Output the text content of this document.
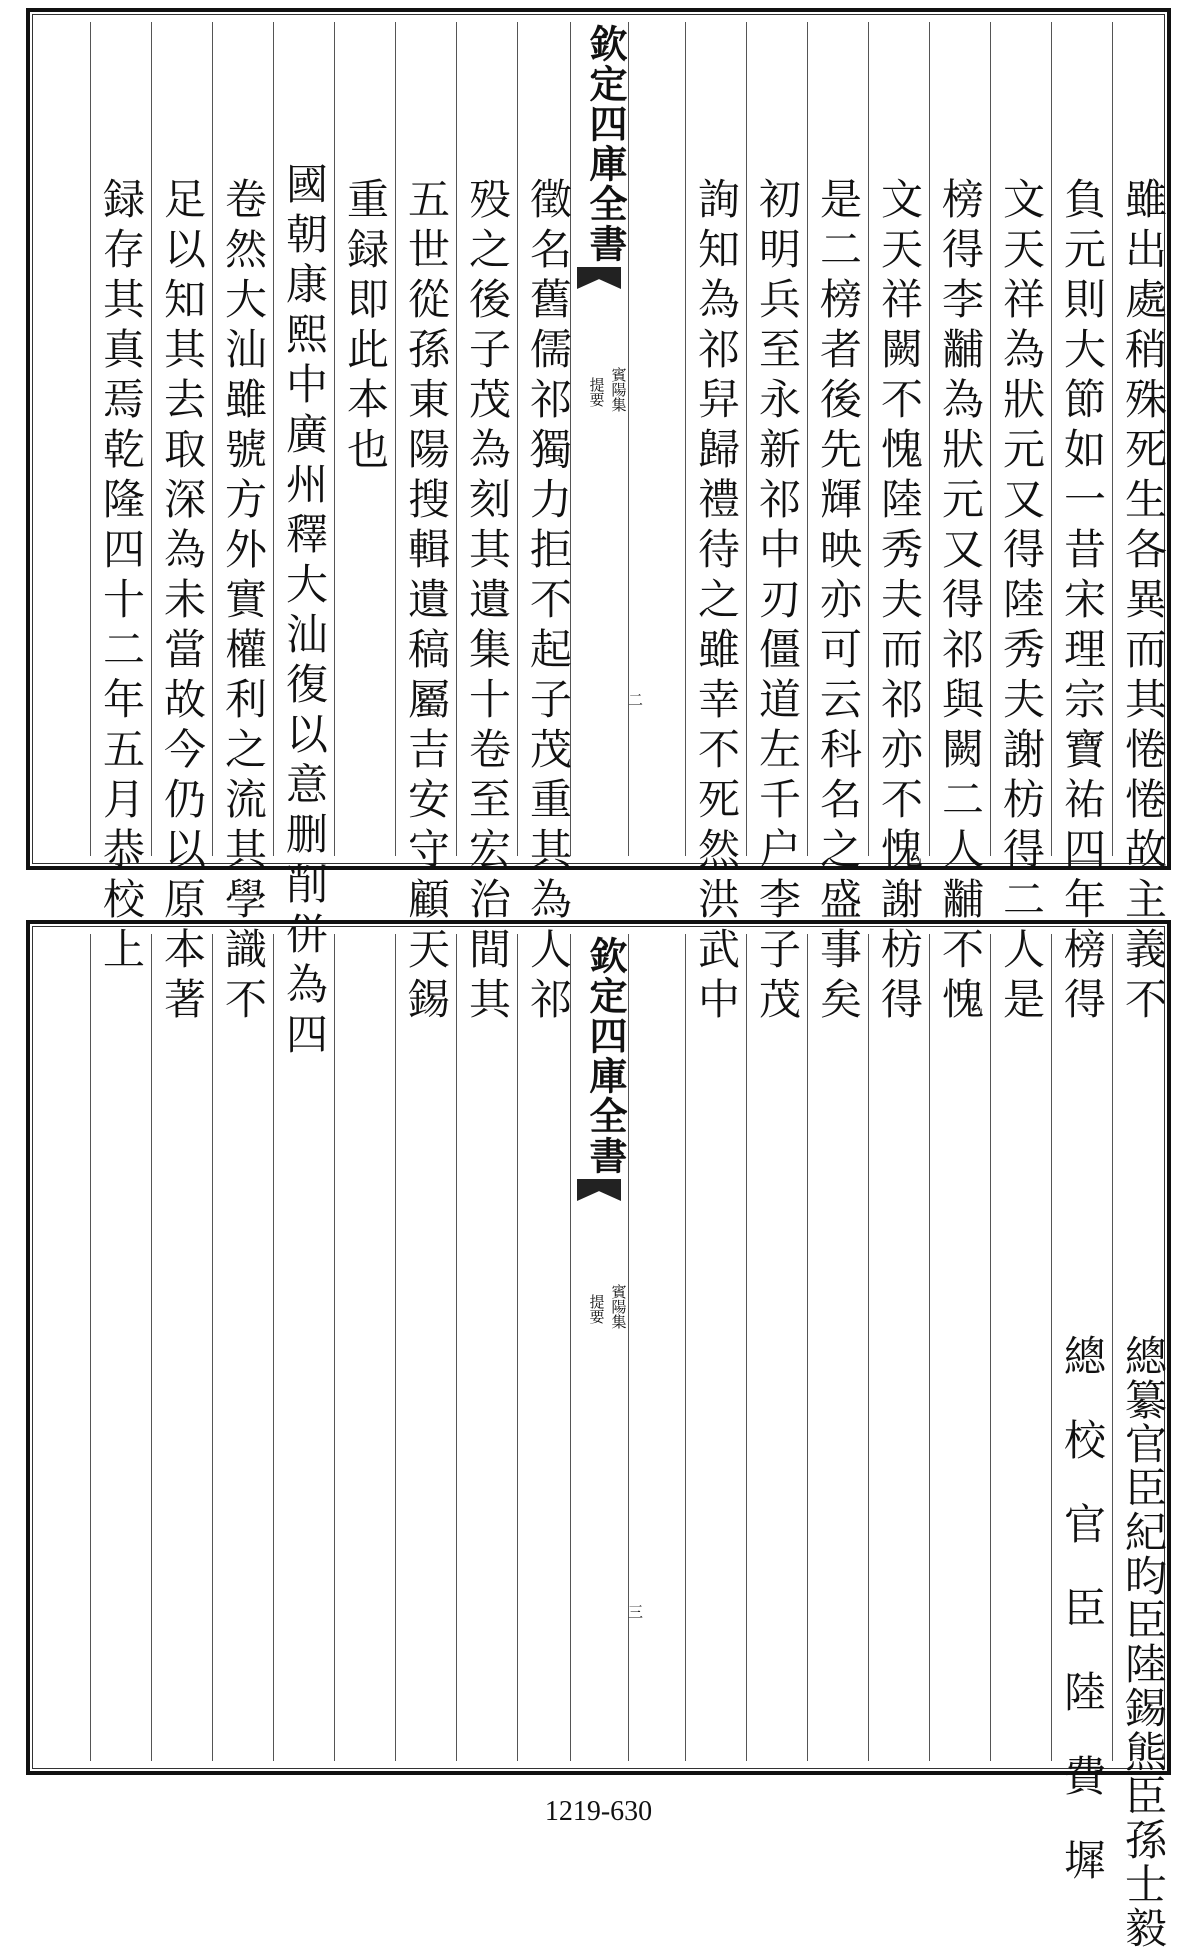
欽定四庫全書
賓陽集
提要
二	雖出處稍殊死生各異而其惓惓故主義不
負元則大節如一昔宋理宗寶祐四年榜得
文天祥為狀元又得陸秀夫謝枋得二人是
榜得李黼為狀元又得祁與闕二人黼不愧
文天祥闕不愧陸秀夫而祁亦不愧謝枋得
是二榜者後先輝映亦可云科名之盛事矣
初明兵至永新祁中刃僵道左千户李子茂
詢知為祁舁歸禮待之雖幸不死然洪武中
徵名舊儒祁獨力拒不起子茂重其為人祁
殁之後子茂為刻其遺集十卷至宏治間其
五世從孫東陽搜輯遺稿屬吉安守顧天錫
重録即此本也
國朝康熙中廣州釋大汕復以意删削併為四
卷然大汕雖號方外實權利之流其學識不
足以知其去取深為未當故今仍以原本著
録存其真焉乾隆四十二年五月恭校上
欽定四庫全書
賓陽集
提要
三	總纂官臣紀昀臣陸錫熊臣孫士毅
總　校　官　臣　陸　費　墀
1219-630
